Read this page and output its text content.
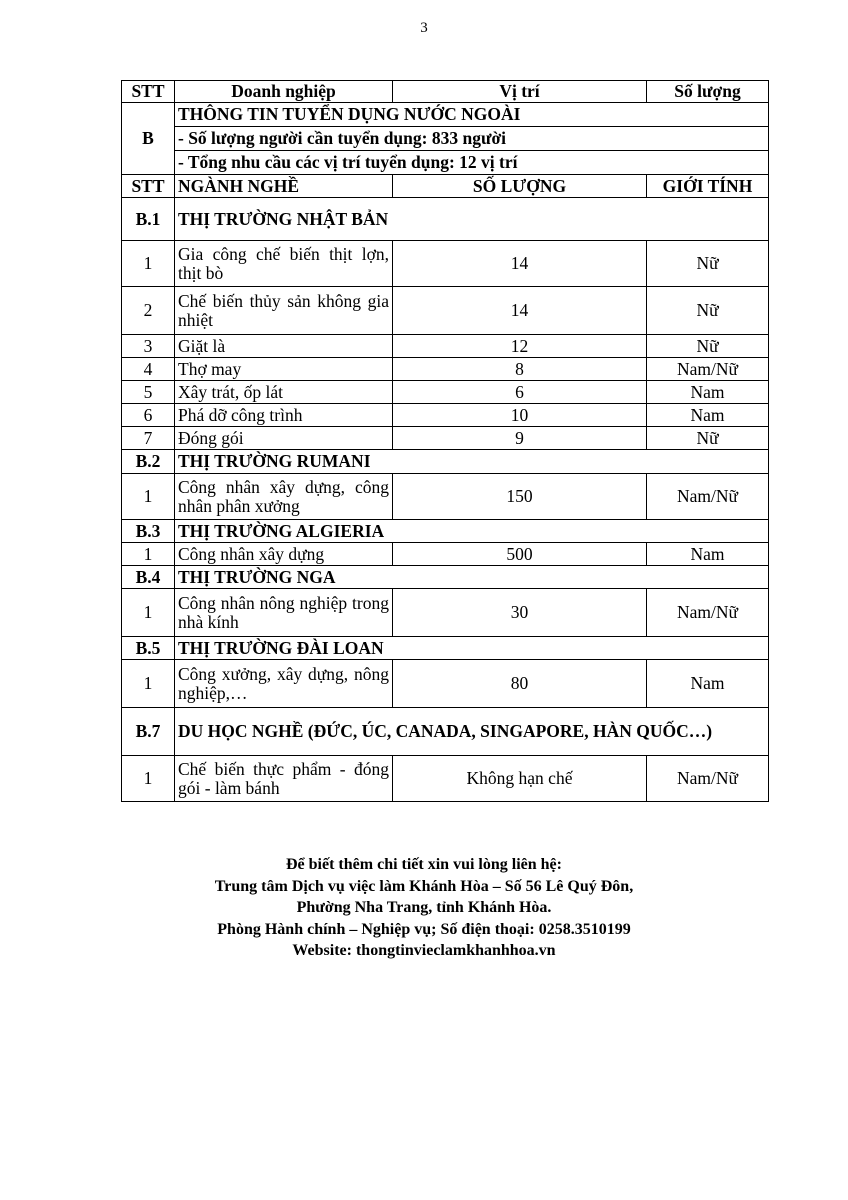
3
STT	Doanh nghiệp	Vị trí	Số lượng
B	THÔNG TIN TUYỂN DỤNG NƯỚC NGOÀI		
	- Số lượng người cần tuyển dụng: 833 người		
	- Tổng nhu cầu các vị trí tuyển dụng: 12 vị trí		
STT	NGÀNH NGHỀ	SỐ LƯỢNG	GIỚI TÍNH
B.1	THỊ TRƯỜNG NHẬT BẢN		
1	Gia công chế biến thịt lợn, thịt bò	14	Nữ
2	Chế biến thủy sản không gia nhiệt	14	Nữ
3	Giặt là	12	Nữ
4	Thợ may	8	Nam/Nữ
5	Xây trát, ốp lát	6	Nam
6	Phá dỡ công trình	10	Nam
7	Đóng gói	9	Nữ
B.2	THỊ TRƯỜNG RUMANI		
1	Công nhân xây dựng, công nhân phân xưởng	150	Nam/Nữ
B.3	THỊ TRƯỜNG ALGIERIA		
1	Công nhân xây dựng	500	Nam
B.4	THỊ TRƯỜNG NGA		
1	Công nhân nông nghiệp trong nhà kính	30	Nam/Nữ
B.5	THỊ TRƯỜNG ĐÀI LOAN		
1	Công xưởng, xây dựng, nông nghiệp,…	80	Nam
B.7	DU HỌC NGHỀ (ĐỨC, ÚC, CANADA, SINGAPORE, HÀN QUỐC…)		
1	Chế biến thực phẩm - đóng gói - làm bánh	Không hạn chế	Nam/Nữ
Để biết thêm chi tiết xin vui lòng liên hệ:
Trung tâm Dịch vụ việc làm Khánh Hòa – Số 56 Lê Quý Đôn,
Phường Nha Trang, tỉnh Khánh Hòa.
Phòng Hành chính – Nghiệp vụ; Số điện thoại: 0258.3510199
Website: thongtinvieclamkhanhhoa.vn
